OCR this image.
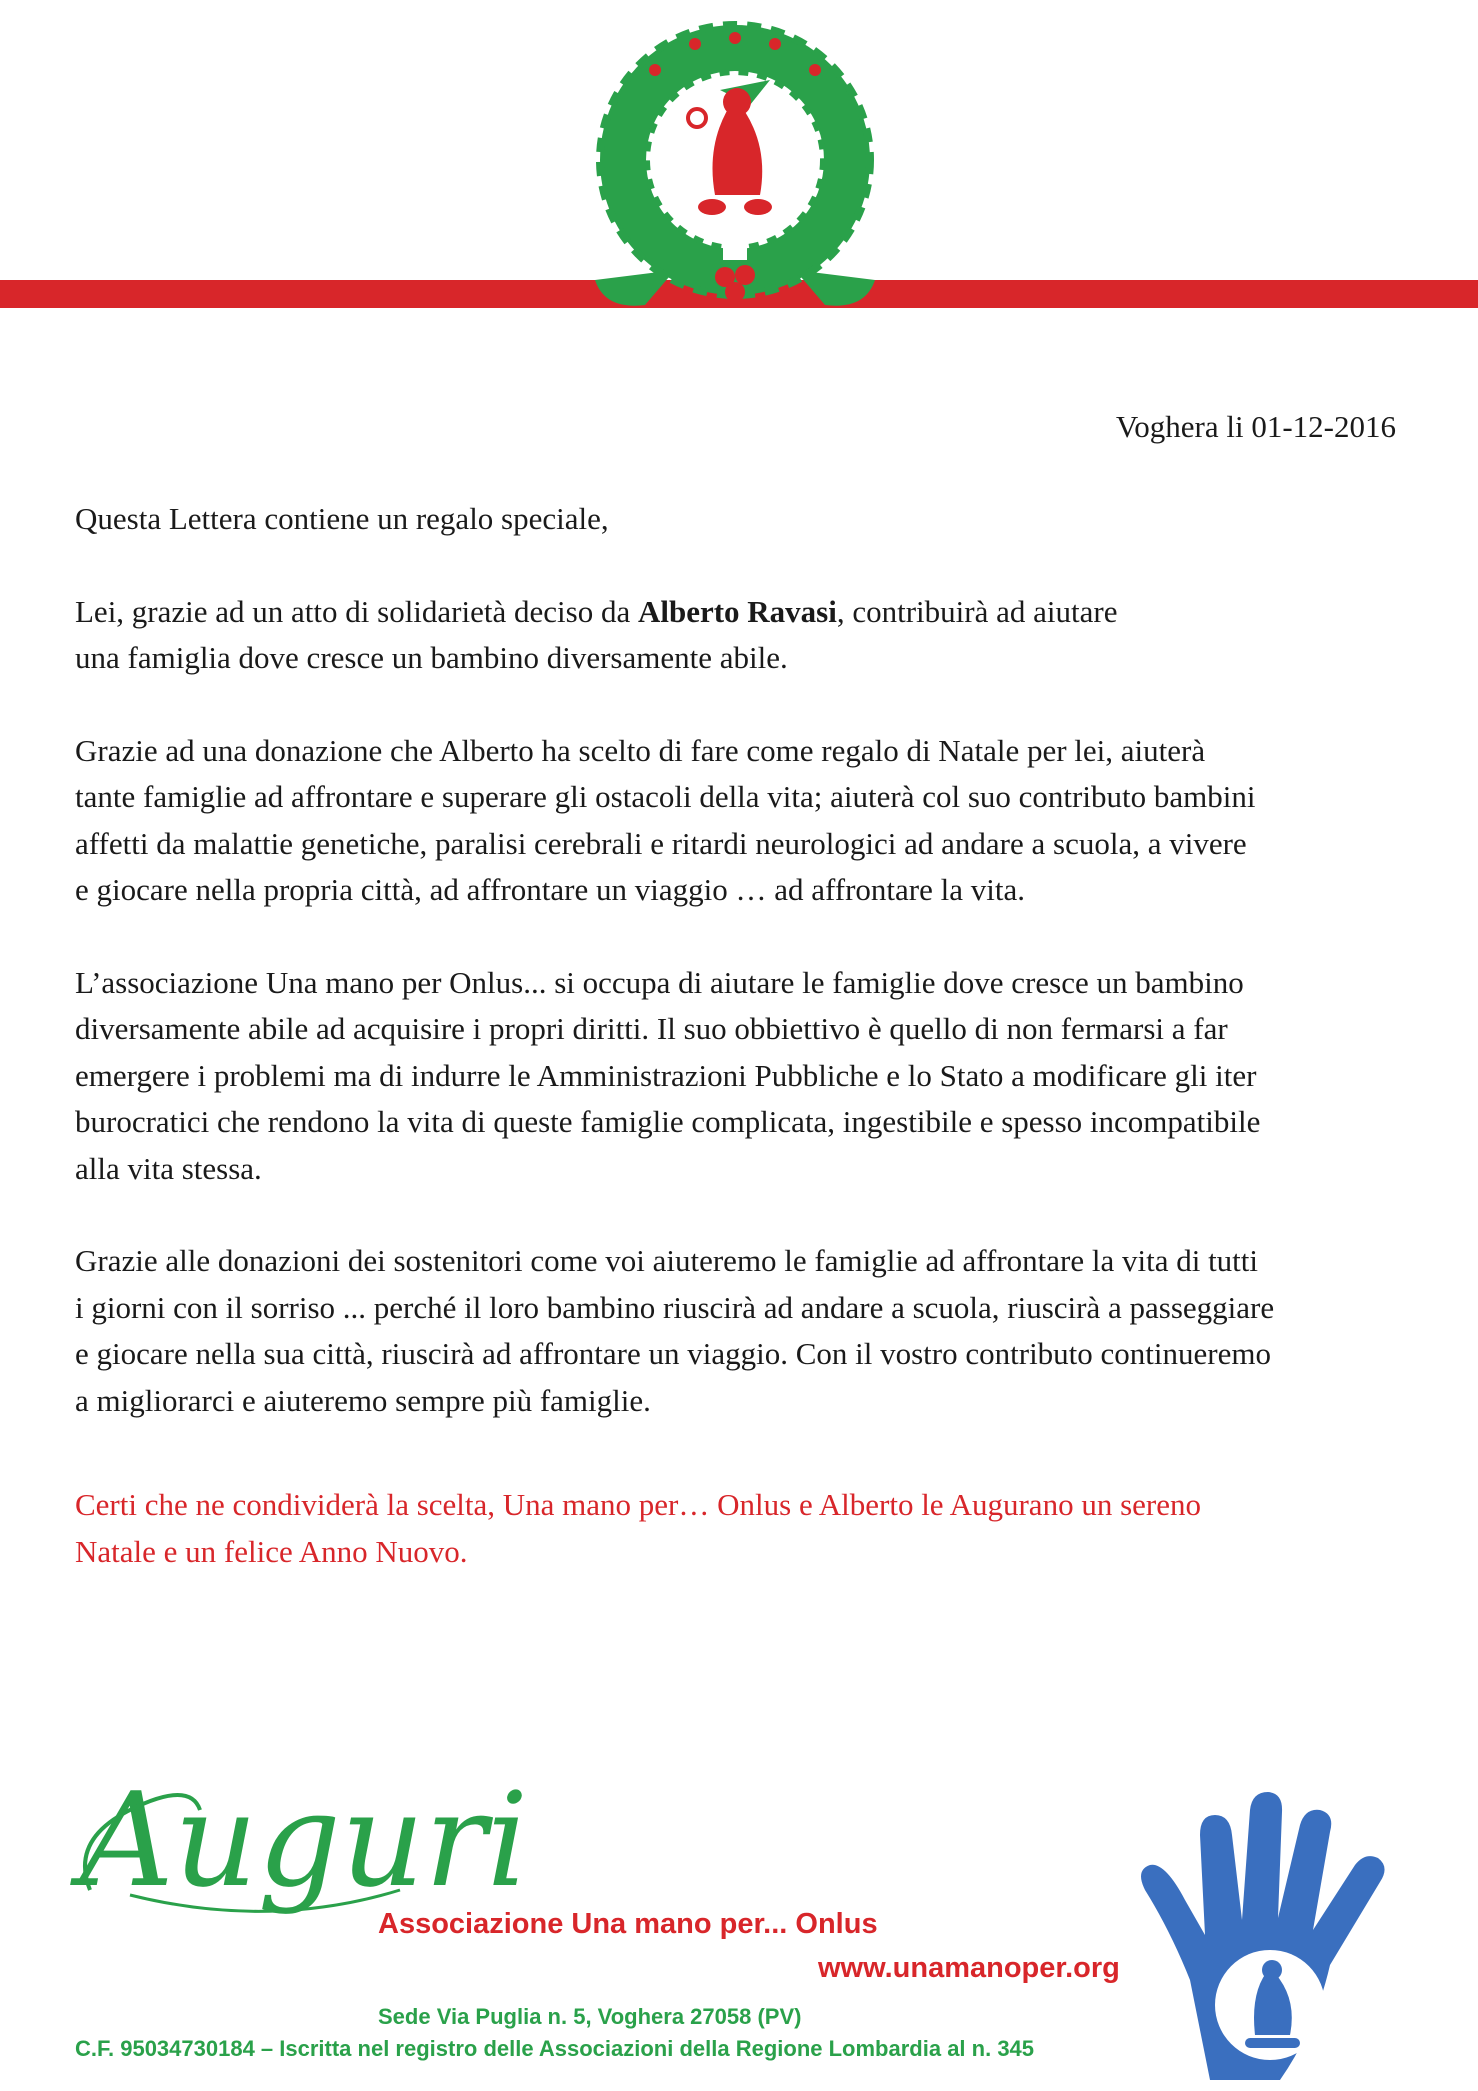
Voghera li 01-12-2016

Questa Lettera contiene un regalo speciale,

Lei, grazie ad un atto di solidarietà deciso da Alberto Ravasi, contribuirà ad aiutare
una famiglia dove cresce un bambino diversamente abile.

Grazie ad una donazione che Alberto ha scelto di fare come regalo di Natale per lei, aiuterà
tante famiglie ad affrontare e superare gli ostacoli della vita; aiuterà col suo contributo bambini
affetti da malattie genetiche, paralisi cerebrali e ritardi neurologici ad andare a scuola, a vivere
e giocare nella propria città, ad affrontare un viaggio … ad affrontare la vita.

L’associazione Una mano per Onlus... si occupa di aiutare le famiglie dove cresce un bambino
diversamente abile ad acquisire i propri diritti. Il suo obbiettivo è quello di non fermarsi a far
emergere i problemi ma di indurre le Amministrazioni Pubbliche e lo Stato a modificare gli iter
burocratici che rendono la vita di queste famiglie complicata, ingestibile e spesso incompatibile
alla vita stessa.

Grazie alle donazioni dei sostenitori come voi aiuteremo le famiglie ad affrontare la vita di tutti
i giorni con il sorriso ... perché il loro bambino riuscirà ad andare a scuola, riuscirà a passeggiare
e giocare nella sua città, riuscirà ad affrontare un viaggio. Con il vostro contributo continueremo
a migliorarci e aiuteremo sempre più famiglie.

Certi che ne condividerà la scelta, Una mano per… Onlus e Alberto le Augurano un sereno
Natale e un felice Anno Nuovo.
Auguri
Associazione Una mano per... Onlus
www.unamanoper.org
Sede Via Puglia n. 5, Voghera 27058 (PV)
C.F. 95034730184 – Iscritta nel registro delle Associazioni della Regione Lombardia al n. 345
